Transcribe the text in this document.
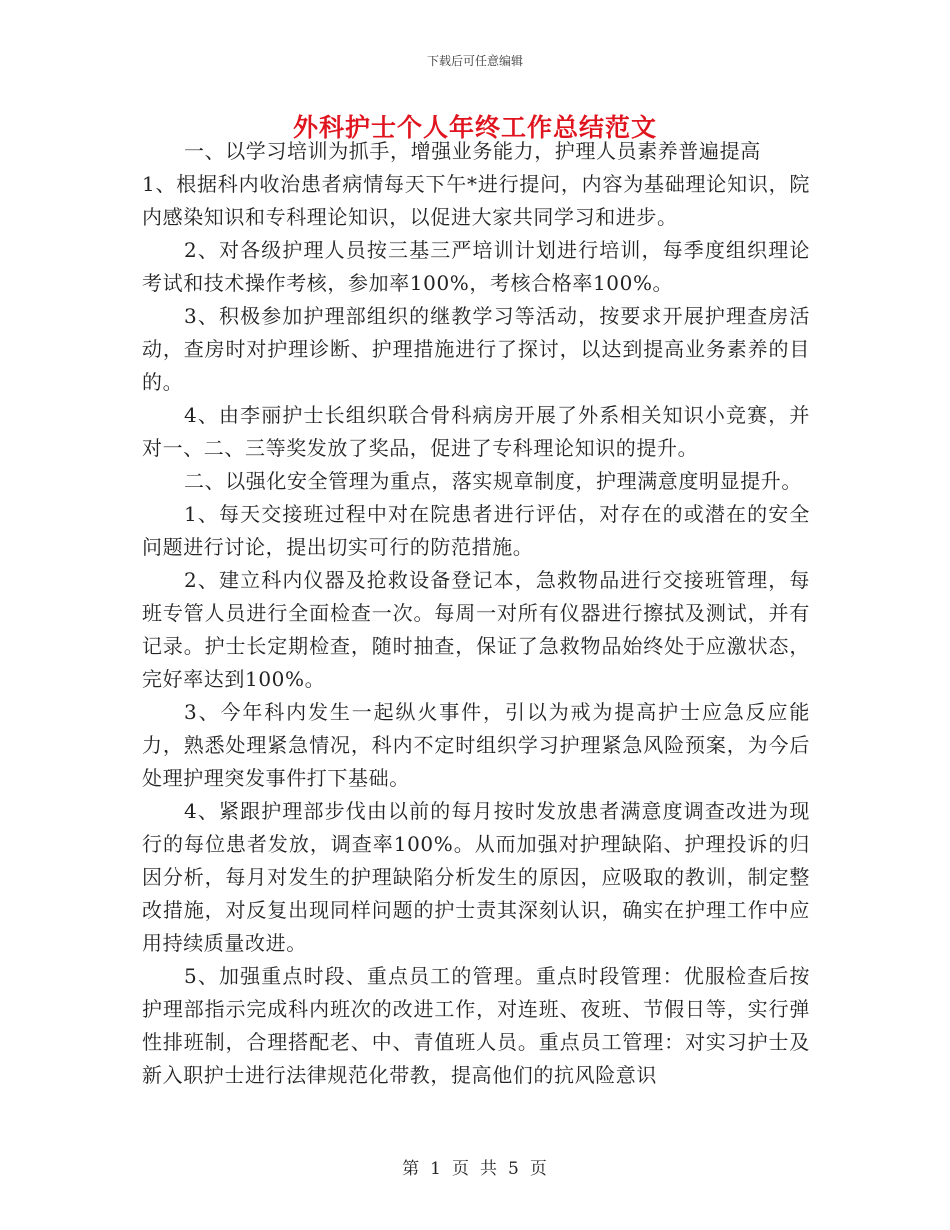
下载后可任意编辑
外科护士个人年终工作总结范文

一、以学习培训为抓手，增强业务能力，护理人员素养普遍提高

1、根据科内收治患者病情每天下午*进行提问，内容为基础理论知识，院内感染知识和专科理论知识，以促进大家共同学习和进步。

2、对各级护理人员按三基三严培训计划进行培训，每季度组织理论考试和技术操作考核，参加率100%，考核合格率100%。

3、积极参加护理部组织的继教学习等活动，按要求开展护理查房活动，查房时对护理诊断、护理措施进行了探讨，以达到提高业务素养的目的。

4、由李丽护士长组织联合骨科病房开展了外系相关知识小竞赛，并对一、二、三等奖发放了奖品，促进了专科理论知识的提升。

二、以强化安全管理为重点，落实规章制度，护理满意度明显提升。

1、每天交接班过程中对在院患者进行评估，对存在的或潜在的安全问题进行讨论，提出切实可行的防范措施。

2、建立科内仪器及抢救设备登记本，急救物品进行交接班管理，每班专管人员进行全面检查一次。每周一对所有仪器进行擦拭及测试，并有记录。护士长定期检查，随时抽查，保证了急救物品始终处于应激状态，完好率达到100%。

3、今年科内发生一起纵火事件，引以为戒为提高护士应急反应能力，熟悉处理紧急情况，科内不定时组织学习护理紧急风险预案，为今后处理护理突发事件打下基础。

4、紧跟护理部步伐由以前的每月按时发放患者满意度调查改进为现行的每位患者发放，调查率100%。从而加强对护理缺陷、护理投诉的归因分析，每月对发生的护理缺陷分析发生的原因，应吸取的教训，制定整改措施，对反复出现同样问题的护士责其深刻认识，确实在护理工作中应用持续质量改进。

5、加强重点时段、重点员工的管理。重点时段管理：优服检查后按护理部指示完成科内班次的改进工作，对连班、夜班、节假日等，实行弹性排班制，合理搭配老、中、青值班人员。重点员工管理：对实习护士及新入职护士进行法律规范化带教，提高他们的抗风险意识

第 1 页 共 5 页
